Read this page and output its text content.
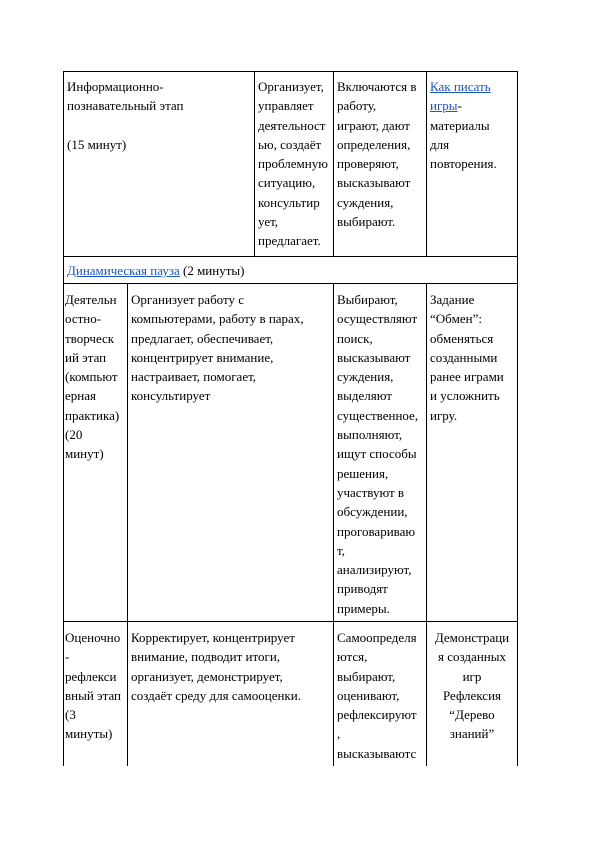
Информационно-
познавательный этап

(15 минут)
Организует,
управляет
деятельност
ью, создаёт
проблемную
ситуацию,
консультир
ует,
предлагает.
Включаются в
работу,
играют, дают
определения,
проверяют,
высказывают
суждения,
выбирают.
Как писать
игры-
материалы
для
повторения.
Динамическая пауза (2 минуты)
Деятельн
остно-
творческ
ий этап
(компьют
ерная
практика)
(20
минут)
Организует работу с
компьютерами, работу в парах,
предлагает, обеспечивает,
концентрирует внимание,
настраивает, помогает,
консультирует
Выбирают,
осуществляют
поиск,
высказывают
суждения,
выделяют
существенное,
выполняют,
ищут способы
решения,
участвуют в
обсуждении,
проговариваю
т,
анализируют,
приводят
примеры.
Задание
“Обмен”:
обменяться
созданными
ранее играми
и усложнить
игру.
Оценочно
-
рефлекси
вный этап
(3
минуты)
Корректирует, концентрирует
внимание, подводит итоги,
организует, демонстрирует,
создаёт среду для самооценки.
Самоопределя
ются,
выбирают,
оценивают,
рефлексируют
,
высказываютс
Демонстраци
я созданных
игр
Рефлексия
“Дерево
знаний”
